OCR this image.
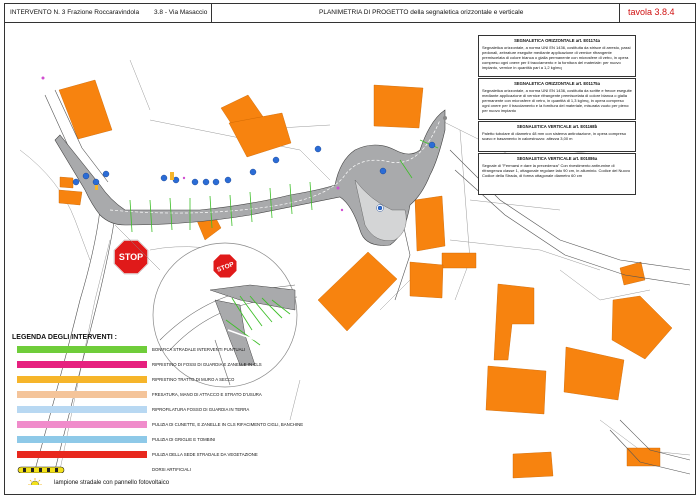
STOP
STOP
INTERVENTO N. 3 Frazione Roccaravindola 3.8 - Via Masaccio	PLANIMETRIA DI PROGETTO della segnaletica orizzontale e verticale	tavola 3.8.4
SEGNALETICA ORIZZONTALE art. E01174a
Segnaletica orizzontale, a norma UNI EN 1436, costituita da strisce di arresto, passi pedonali, zebrature eseguite mediante applicazione di vernice rifrangente premiscelata di colore bianca o gialla permanente con microsfere di vetro, in opera compreso ogni onere per il tracciamento e la fornitura del materiale: per nuovo impianto, vernice in quantità pari a 1,2 kg/mq
SEGNALETICA ORIZZONTALE art. E01175a
Segnaletica orizzontale, a norma UNI EN 1436, costituita da scritte e frecce eseguite mediante applicazione di vernice rifrangente premiscelata di colore bianca o gialla permanente con microsfere di vetro, in quantità di 1,3 kg/mq, in opera compreso ogni onere per il tracciamento e la fornitura del materiale, misurata vuoto per pieno: per nuovo impianto
SEGNALETICA VERTICALE art. E01168b
Paletto tubolare di diametro 48 mm con sistema antirotazione, in opera compreso scavo e basamento in calcestruzzo: altezza 3,00 m
SEGNALETICA VERTICALE art. E01086a
Segnale di "Fermarsi e dare la precedenza" Con rivestimento antirumine di rifrangenza classe 1, ottagonale regolare lato 90 cm, in alluminio. Codice del Nuovo Codice della Strada, di forma ottagonale diametro 60 cm
LEGENDA DEGLI INTERVENTI :
BONIFICA STRADALE INTERVENTI PUNTUALI
RIPRISTINO DI FOSSI DI GUARDIA E ZANELLE IN CLS
RIPRISTINO TRATTO DI MURO A SECCO
FRESATURA, MANO DI ATTACCO E STRATO D'USURA
RIPROFILATURA FOSSO DI GUARDIA IN TERRA
PULIZIA DI CUNETTE, E ZANELLE IN CLS RIFACIMENTO CIGLI, BANCHINE
PULIZIA DI GRIGLIE E TOMBINI
PULIZIA DELLA SEDE STRADALE DA VEGETAZIONE
DORSI ARTIFICIALI
lampione stradale con pannello fotovoltaico
